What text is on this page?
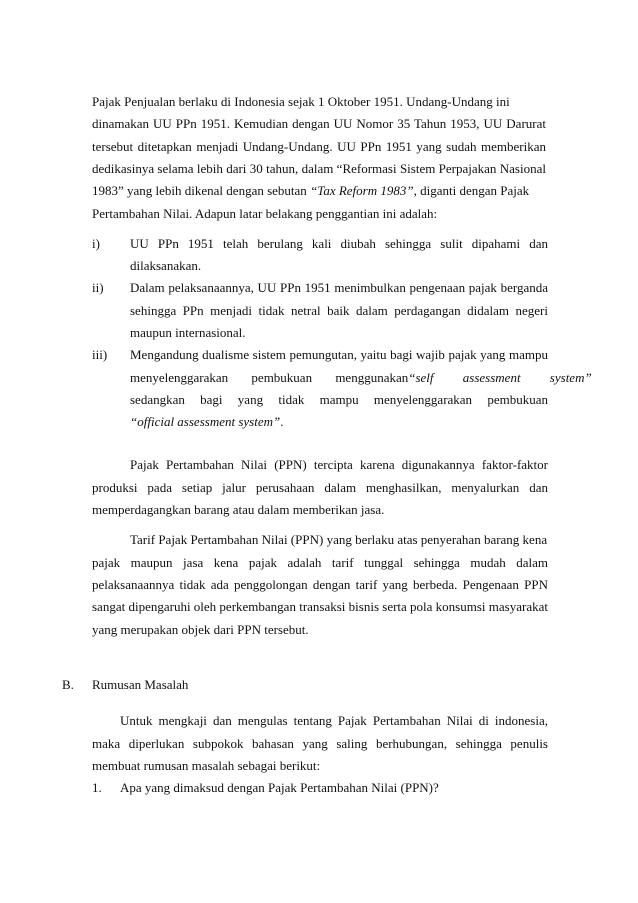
Pajak Penjualan berlaku di Indonesia sejak 1 Oktober 1951. Undang-Undang ini
dinamakan UU PPn 1951. Kemudian dengan UU Nomor 35 Tahun 1953, UU Darurat
tersebut ditetapkan menjadi Undang-Undang. UU PPn 1951 yang sudah memberikan
dedikasinya selama lebih dari 30 tahun, dalam “Reformasi Sistem Perpajakan Nasional
1983” yang lebih dikenal dengan sebutan “Tax Reform 1983”, diganti dengan Pajak
Pertambahan Nilai. Adapun latar belakang penggantian ini adalah:
i) UU PPn 1951 telah berulang kali diubah sehingga sulit dipahami dan
dilaksanakan.
ii) Dalam pelaksanaannya, UU PPn 1951 menimbulkan pengenaan pajak berganda
sehingga PPn menjadi tidak netral baik dalam perdagangan didalam negeri
maupun internasional.
iii) Mengandung dualisme sistem pemungutan, yaitu bagi wajib pajak yang mampu
menyelenggarakan pembukuan menggunakan “self assessment system”
sedangkan bagi yang tidak mampu menyelenggarakan pembukuan
“official assessment system”.
Pajak Pertambahan Nilai (PPN) tercipta karena digunakannya faktor-faktor
produksi pada setiap jalur perusahaan dalam menghasilkan, menyalurkan dan
memperdagangkan barang atau dalam memberikan jasa.
Tarif Pajak Pertambahan Nilai (PPN) yang berlaku atas penyerahan barang kena
pajak maupun jasa kena pajak adalah tarif tunggal sehingga mudah dalam
pelaksanaannya tidak ada penggolongan dengan tarif yang berbeda. Pengenaan PPN
sangat dipengaruhi oleh perkembangan transaksi bisnis serta pola konsumsi masyarakat
yang merupakan objek dari PPN tersebut.
B. Rumusan Masalah
Untuk mengkaji dan mengulas tentang Pajak Pertambahan Nilai di indonesia,
maka diperlukan subpokok bahasan yang saling berhubungan, sehingga penulis
membuat rumusan masalah sebagai berikut:
1. Apa yang dimaksud dengan Pajak Pertambahan Nilai (PPN)?
